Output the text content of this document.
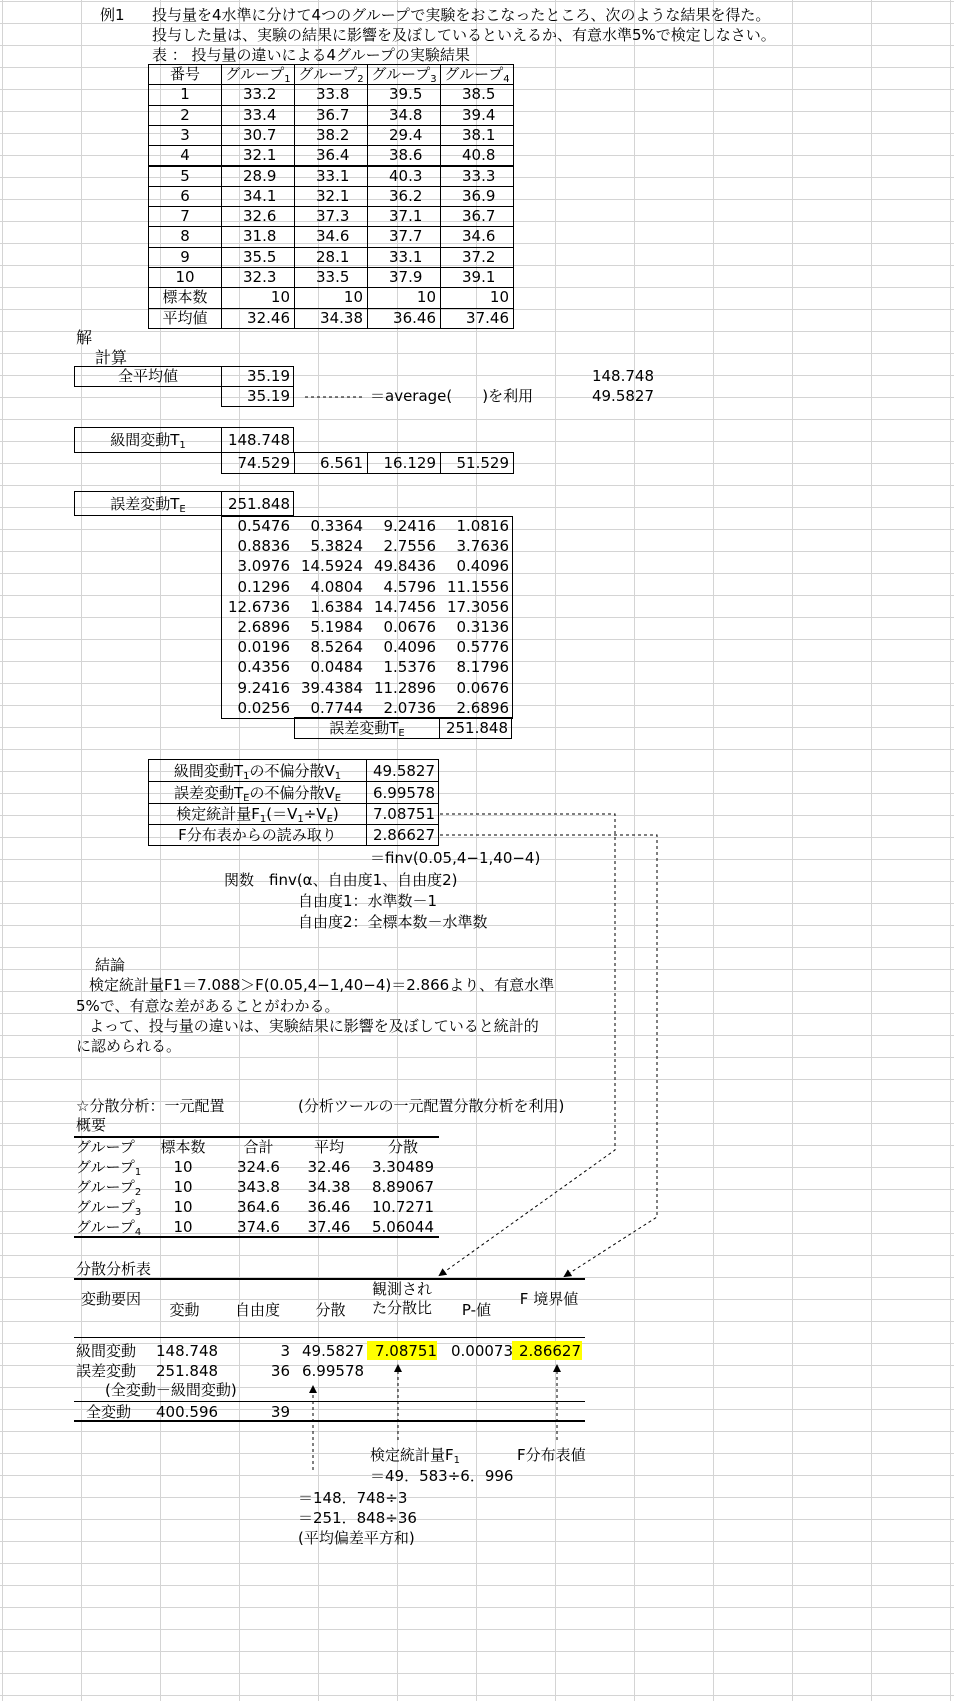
例1 投与量を4水準に分けて4つのグループで実験をおこなったところ、次のような結果を得た。
投与した量は、実験の結果に影響を及ぼしているといえるか、有意水準5%で検定しなさい。
表 ： 投与量の違いによる4グループの実験結果
番号	グループ$_1$ グループ$_2$ グループ$_3$ グループ$_4$
1	33.2	33.8	39.5	38.5
2	33.4	36.7	34.8	39.4
3	30.7	38.2	29.4	38.1
4	32.1	36.4	38.6	40.8
5	28.9	33.1	40.3	33.3
6	34.1	32.1	36.2	36.9
7	32.6	37.3	37.1	36.7
8	31.8	34.6	37.7	34.6
9	35.5	28.1	33.1	37.2
10	32.3	33.5	37.9	39.1
標本数	10	10	10	10
平均値	32.46	34.38	36.46	37.46
解
計算
全平均値	35.19
35.19	＝average(　　)を利用
148.748
49.5827
級間変動$T_1$	148.748
74.529	6.561	16.129	51.529
誤差変動$T_E$	251.848
0.5476	0.3364	9.2416	1.0816
0.8836	5.3824	2.7556	3.7636
3.0976 14.5924 49.8436	0.4096
0.1296	4.0804	4.5796 11.1556
12.6736	1.6384 14.7456 17.3056
2.6896	5.1984	0.0676	0.3136
0.0196	8.5264	0.4096	0.5776
0.4356	0.0484	1.5376	8.1796
9.2416 39.4384 11.2896	0.0676
0.0256	0.7744	2.0736	2.6896
誤差変動$T_E$	251.848
級間変動$T_1$の不偏分散$V_1$	49.5827
誤差変動$T_E$の不偏分散$V_E$	6.99578
検定統計量$F_1(=V_1\div V_E)$	7.08751
F分布表からの読み取り	2.86627
＝finv(0.05,4−1,40−4)
関数　finv(α、自由度1、自由度2)
自由度1：水準数－1
自由度2：全標本数－水準数
結論
検定統計量F1＝7.088＞F(0.05,4−1,40−4)＝2.866より、有意水準
5%で、有意な差があることがわかる。
よって、投与量の違いは、実験結果に影響を及ぼしていると統計的
に認められる。
☆分散分析：一元配置	(分析ツールの一元配置分散分析を利用)
概要
グループ	標本数	合計	平均	分散
グループ$_1$	10	324.6	32.46	3.30489
グループ$_2$	10	343.8	34.38	8.89067
グループ$_3$	10	364.6	36.46	10.7271
グループ$_4$	10	374.6	37.46	5.06044
分散分析表
変動要因
変動	自由度	分散
観測された分散比	P-値
F 境界値
級間変動	148.748	3 49.5827 7.08751 0.00073 2.86627
誤差変動	251.848	36 6.99578
(全変動－級間変動)
全変動	400.596	39
検定統計量$F_1$	F分布表値
＝49．583÷6．996
＝148．748÷3
＝251．848÷36
(平均偏差平方和)
